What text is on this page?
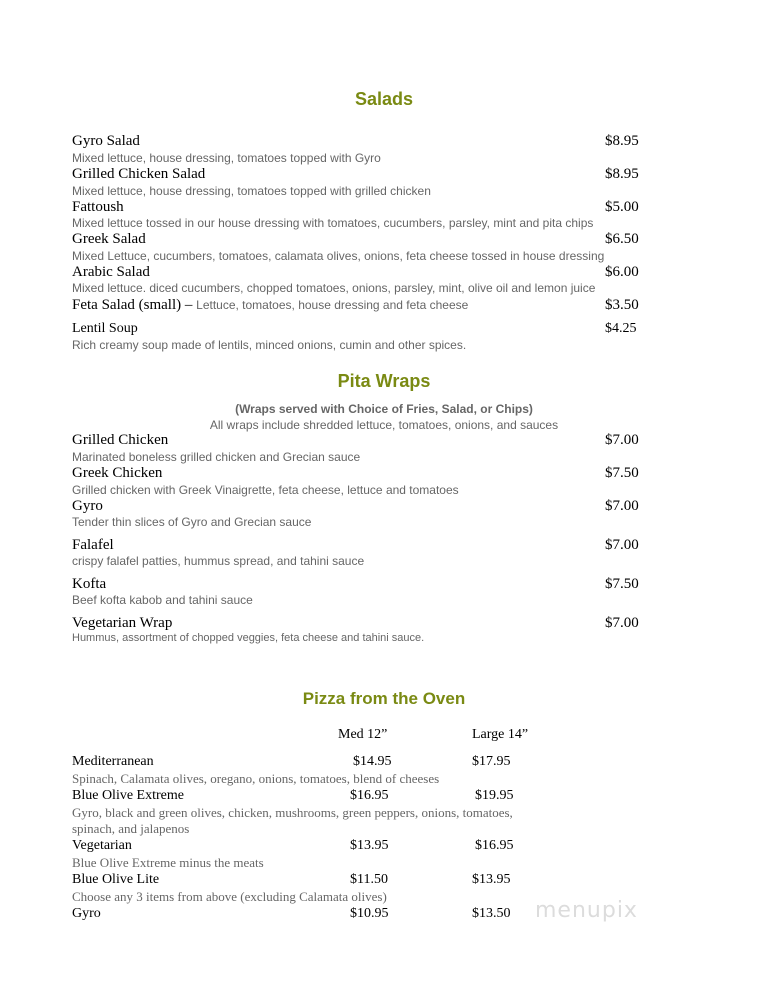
Salads
Gyro Salad	$8.95
Mixed lettuce, house dressing, tomatoes topped with Gyro
Grilled Chicken Salad	$8.95
Mixed lettuce, house dressing, tomatoes topped with grilled chicken
Fattoush	$5.00
Mixed lettuce tossed in our house dressing with tomatoes, cucumbers, parsley, mint and pita chips
Greek Salad	$6.50
Mixed Lettuce, cucumbers, tomatoes, calamata olives, onions, feta cheese tossed in house dressing
Arabic Salad	$6.00
Mixed lettuce. diced cucumbers, chopped tomatoes, onions, parsley, mint, olive oil and lemon juice
Feta Salad (small) – Lettuce, tomatoes, house dressing and feta cheese	$3.50
Lentil Soup	$4.25
Rich creamy soup made of lentils, minced onions, cumin and other spices.
Pita Wraps
(Wraps served with Choice of Fries, Salad, or Chips)
All wraps include shredded lettuce, tomatoes, onions, and sauces
Grilled Chicken	$7.00
Marinated boneless grilled chicken and Grecian sauce
Greek Chicken	$7.50
Grilled chicken with Greek Vinaigrette, feta cheese, lettuce and tomatoes
Gyro	$7.00
Tender thin slices of Gyro and Grecian sauce
Falafel	$7.00
crispy falafel patties, hummus spread, and tahini sauce
Kofta	$7.50
Beef kofta kabob and tahini sauce
Vegetarian Wrap	$7.00
Hummus, assortment of chopped veggies, feta cheese and tahini sauce.
Pizza from the Oven
Med 12”	Large 14”
Mediterranean	$14.95	$17.95
Spinach, Calamata olives, oregano, onions, tomatoes, blend of cheeses
Blue Olive Extreme	$16.95	$19.95
Gyro, black and green olives, chicken, mushrooms, green peppers, onions, tomatoes, spinach, and jalapenos
Vegetarian	$13.95	$16.95
Blue Olive Extreme minus the meats
Blue Olive Lite	$11.50	$13.95
Choose any 3 items from above (excluding Calamata olives)
Gyro	$10.95	$13.50 menupix
